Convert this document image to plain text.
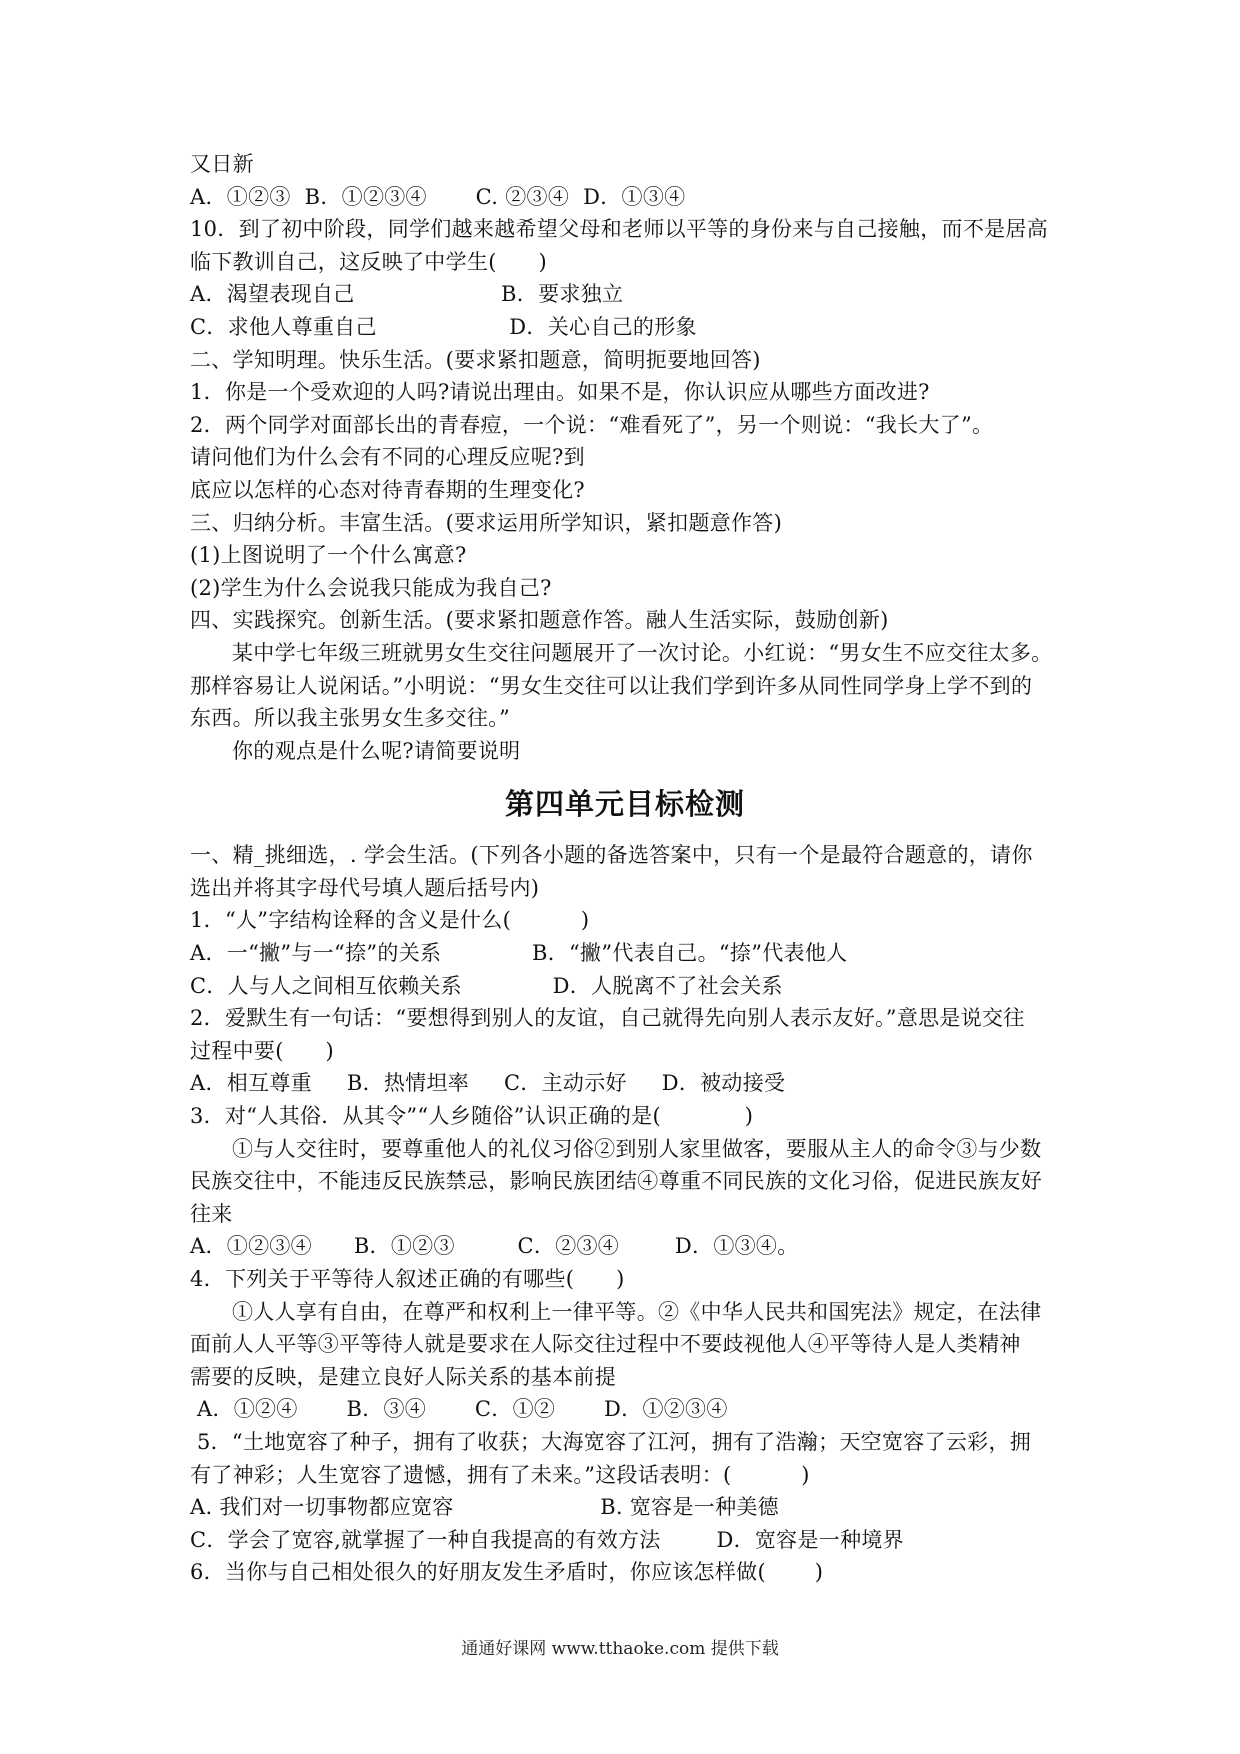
又日新
A．①②③  B．①②③④       C. ②③④  D．①③④
10．到了初中阶段，同学们越来越希望父母和老师以平等的身份来与自己接触，而不是居高
临下教训自己，这反映了中学生(      )
A．渴望表现自己                     B．要求独立
C．求他人尊重自己                   D．关心自己的形象
二、学知明理。快乐生活。(要求紧扣题意，简明扼要地回答)
1．你是一个受欢迎的人吗?请说出理由。如果不是，你认识应从哪些方面改进?
2．两个同学对面部长出的青春痘，一个说：“难看死了”，另一个则说：“我长大了”。
请问他们为什么会有不同的心理反应呢?到
底应以怎样的心态对待青春期的生理变化?
三、归纳分析。丰富生活。(要求运用所学知识，紧扣题意作答)
(1)上图说明了一个什么寓意?
(2)学生为什么会说我只能成为我自己?
四、实践探究。创新生活。(要求紧扣题意作答。融人生活实际，鼓励创新)
某中学七年级三班就男女生交往问题展开了一次讨论。小红说：“男女生不应交往太多。
那样容易让人说闲话。”小明说：“男女生交往可以让我们学到许多从同性同学身上学不到的
东西。所以我主张男女生多交往。”
你的观点是什么呢?请简要说明
第四单元目标检测
一、精_挑细选，. 学会生活。(下列各小题的备选答案中，只有一个是最符合题意的，请你
选出并将其字母代号填人题后括号内)
1．“人”字结构诠释的含义是什么(          )
A．一“撇”与一“捺”的关系             B．“撇”代表自己。“捺”代表他人
C．人与人之间相互依赖关系             D．人脱离不了社会关系
2．爱默生有一句话：“要想得到别人的友谊，自己就得先向别人表示友好。”意思是说交往
过程中要(      )
A．相互尊重     B．热情坦率     C．主动示好     D．被动接受
3．对“人其俗．从其令”“人乡随俗”认识正确的是(            )
①与人交往时，要尊重他人的礼仪习俗②到别人家里做客，要服从主人的命令③与少数
民族交往中，不能违反民族禁忌，影响民族团结④尊重不同民族的文化习俗，促进民族友好
往来
A．①②③④      B．①②③         C．②③④        D．①③④。
4．下列关于平等待人叙述正确的有哪些(      )
①人人享有自由，在尊严和权利上一律平等。②《中华人民共和国宪法》规定，在法律
面前人人平等③平等待人就是要求在人际交往过程中不要歧视他人④平等待人是人类精神
需要的反映，是建立良好人际关系的基本前提
A．①②④       B．③④       C．①②       D．①②③④
5．“土地宽容了种子，拥有了收获；大海宽容了江河，拥有了浩瀚；天空宽容了云彩，拥
有了神彩；人生宽容了遗憾，拥有了未来。”这段话表明：(          )
A. 我们对一切事物都应宽容                     B. 宽容是一种美德
C．学会了宽容,就掌握了一种自我提高的有效方法        D．宽容是一种境界
6．当你与自己相处很久的好朋友发生矛盾时，你应该怎样做(       )
通通好课网 www.tthaoke.com 提供下载
